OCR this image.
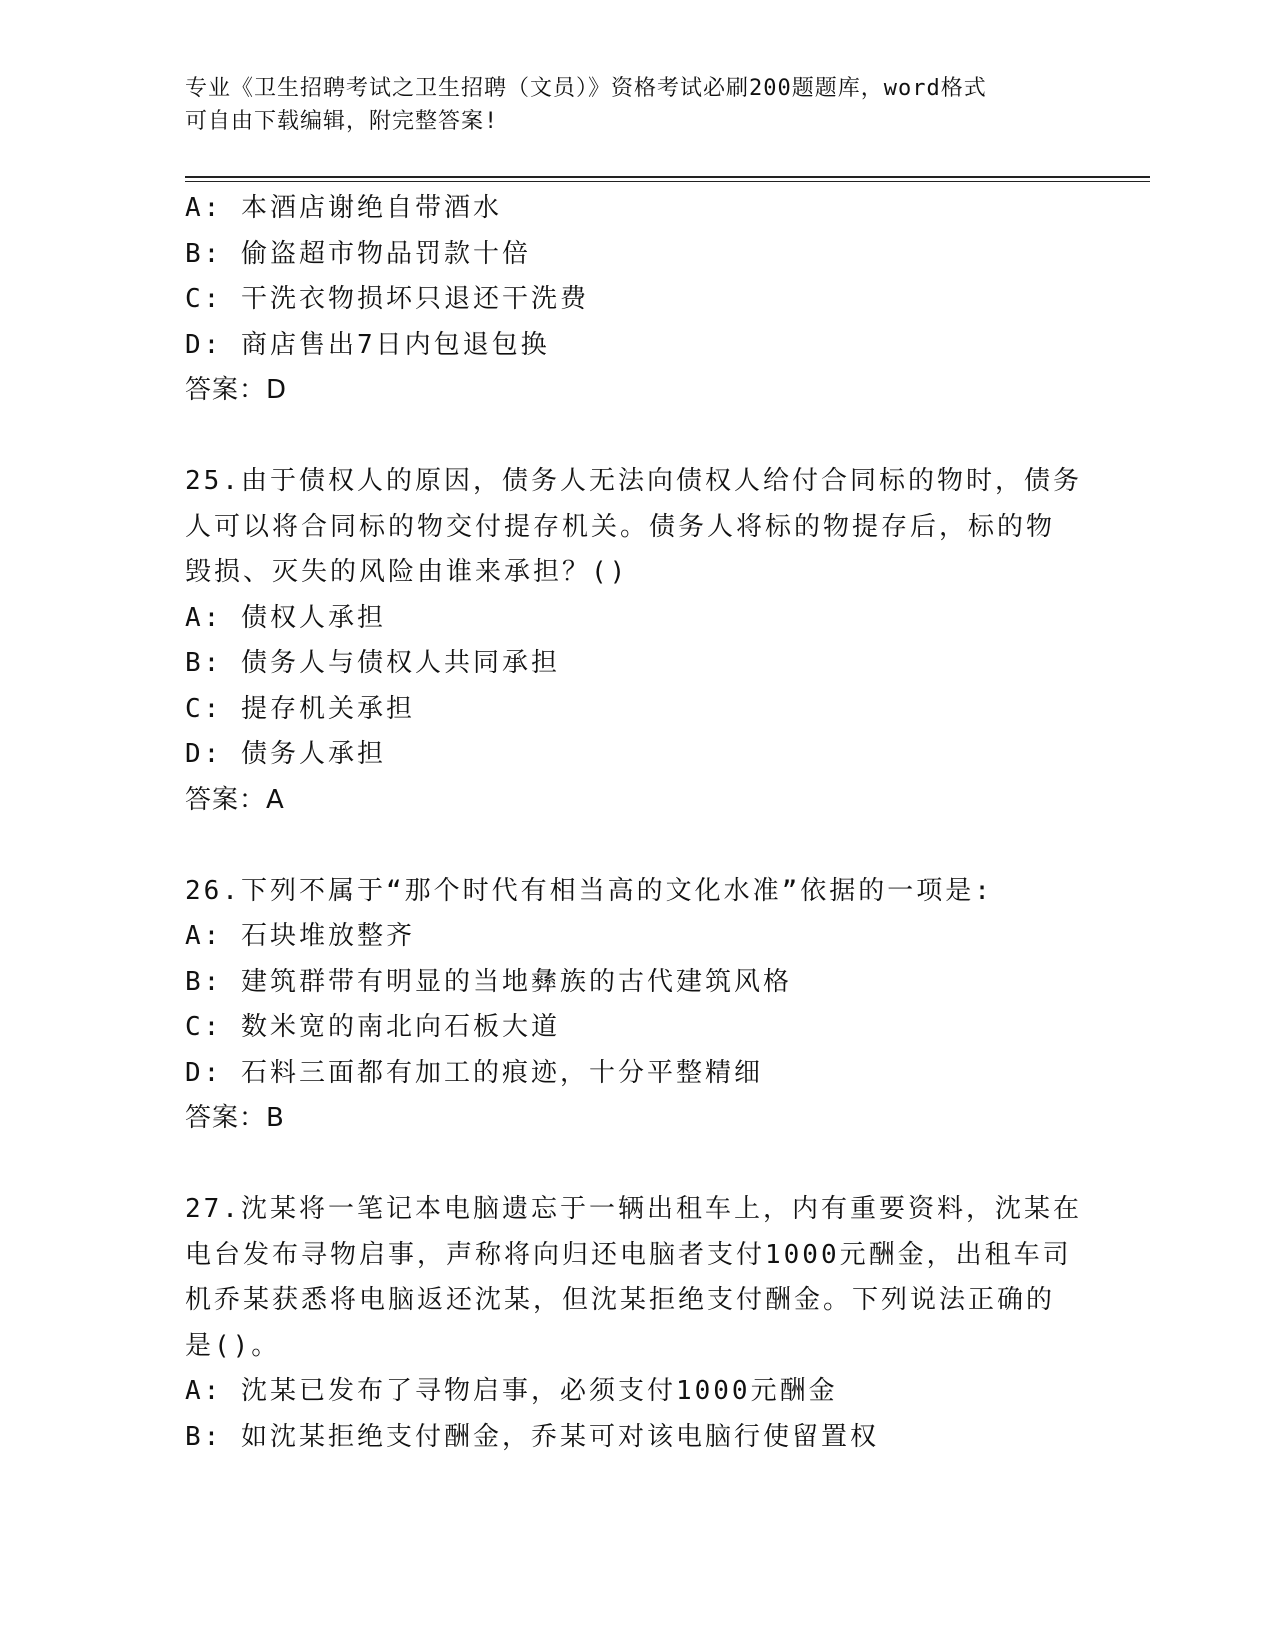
专业《卫生招聘考试之卫生招聘（文员）》资格考试必刷200题题库，word格式
可自由下载编辑，附完整答案!
A: 本酒店谢绝自带酒水
B: 偷盗超市物品罚款十倍
C: 干洗衣物损坏只退还干洗费
D: 商店售出7日内包退包换
答案：D
25.由于债权人的原因，债务人无法向债权人给付合同标的物时，债务
人可以将合同标的物交付提存机关。债务人将标的物提存后，标的物
毁损、灭失的风险由谁来承担？()
A: 债权人承担
B: 债务人与债权人共同承担
C: 提存机关承担
D: 债务人承担
答案：A
26.下列不属于“那个时代有相当高的文化水准”依据的一项是:
A: 石块堆放整齐
B: 建筑群带有明显的当地彝族的古代建筑风格
C: 数米宽的南北向石板大道
D: 石料三面都有加工的痕迹，十分平整精细
答案：B
27.沈某将一笔记本电脑遗忘于一辆出租车上，内有重要资料，沈某在
电台发布寻物启事，声称将向归还电脑者支付1000元酬金，出租车司
机乔某获悉将电脑返还沈某，但沈某拒绝支付酬金。下列说法正确的
是()。
A: 沈某已发布了寻物启事，必须支付1000元酬金
B: 如沈某拒绝支付酬金，乔某可对该电脑行使留置权
